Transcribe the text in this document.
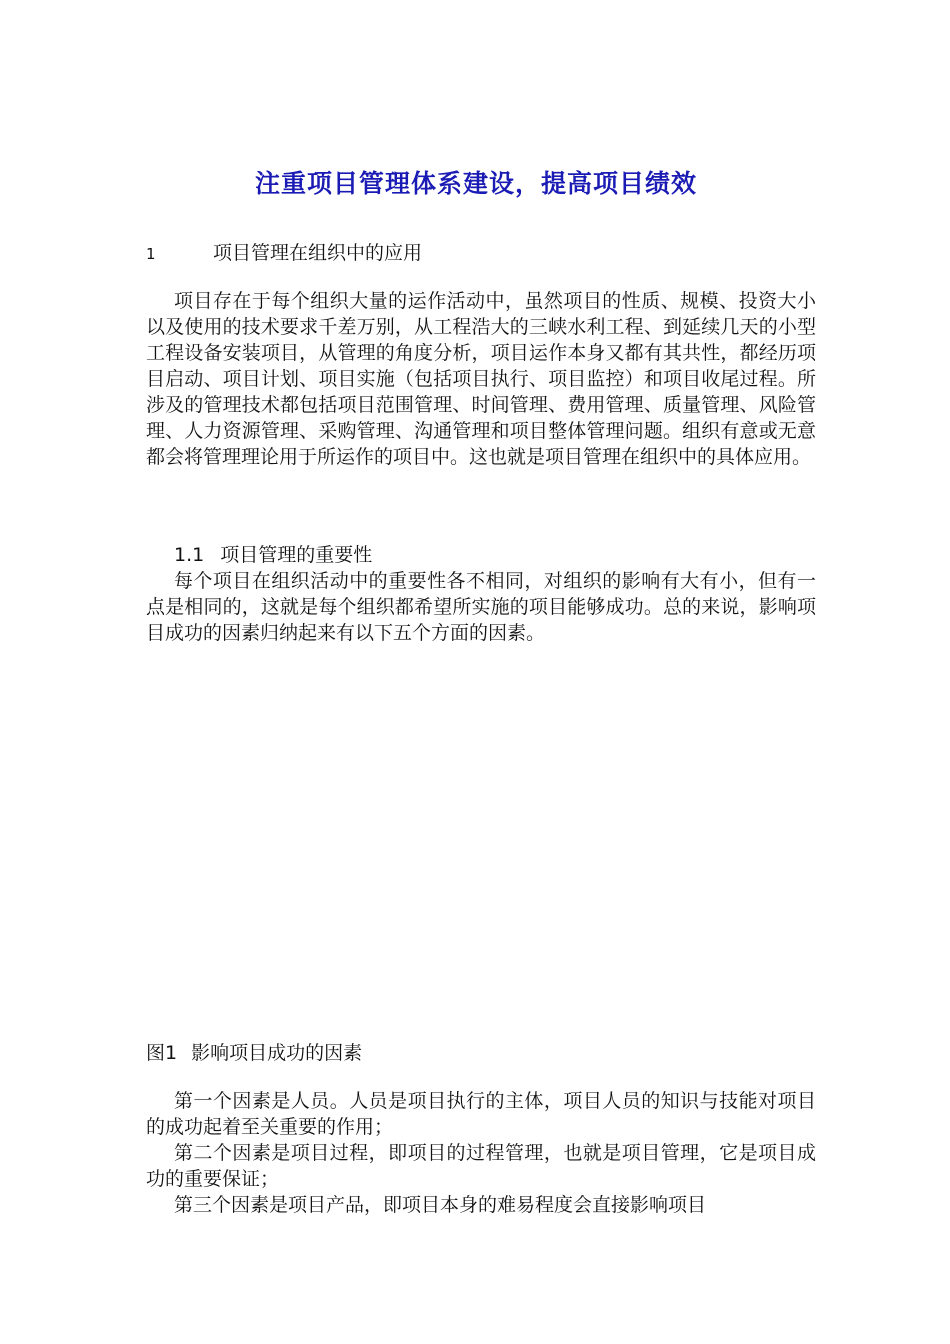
注重项目管理体系建设，提高项目绩效
1	项目管理在组织中的应用
项目存在于每个组织大量的运作活动中，虽然项目的性质、规模、投资大小以及使用的技术要求千差万别，从工程浩大的三峡水利工程、到延续几天的小型工程设备安装项目，从管理的角度分析，项目运作本身又都有其共性，都经历项目启动、项目计划、项目实施（包括项目执行、项目监控）和项目收尾过程。所涉及的管理技术都包括项目范围管理、时间管理、费用管理、质量管理、风险管理、人力资源管理、采购管理、沟通管理和项目整体管理问题。组织有意或无意都会将管理理论用于所运作的项目中。这也就是项目管理在组织中的具体应用。
1.1 项目管理的重要性
每个项目在组织活动中的重要性各不相同，对组织的影响有大有小，但有一点是相同的，这就是每个组织都希望所实施的项目能够成功。总的来说，影响项目成功的因素归纳起来有以下五个方面的因素。
图1 影响项目成功的因素
第一个因素是人员。人员是项目执行的主体，项目人员的知识与技能对项目的成功起着至关重要的作用；
第二个因素是项目过程，即项目的过程管理，也就是项目管理，它是项目成功的重要保证；
第三个因素是项目产品，即项目本身的难易程度会直接影响项目
